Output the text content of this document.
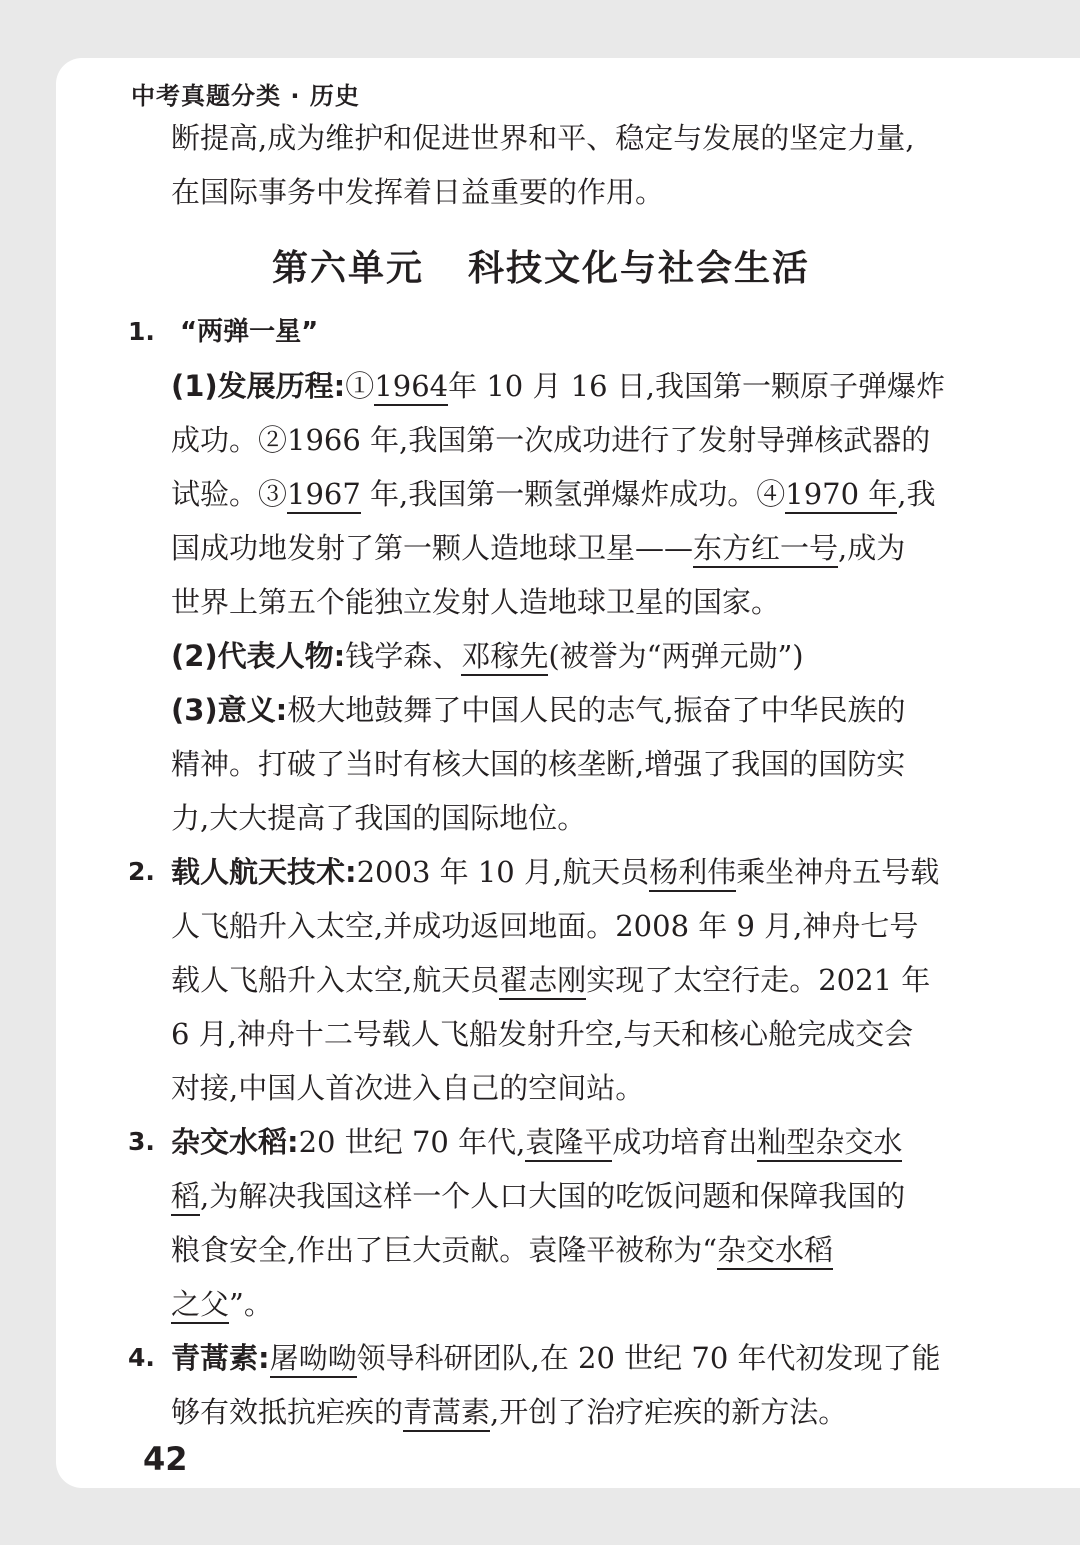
中考真题分类 · 历史
断提高,成为维护和促进世界和平、稳定与发展的坚定力量,
在国际事务中发挥着日益重要的作用。
第六单元 科技文化与社会生活
1. “两弹一星”
(1)发展历程:①1964年 10 月 16 日,我国第一颗原子弹爆炸
成功。②1966 年,我国第一次成功进行了发射导弹核武器的
试验。③1967 年,我国第一颗氢弹爆炸成功。④1970 年,我
国成功地发射了第一颗人造地球卫星——东方红一号,成为
世界上第五个能独立发射人造地球卫星的国家。
(2)代表人物:钱学森、邓稼先(被誉为“两弹元勋”)
(3)意义:极大地鼓舞了中国人民的志气,振奋了中华民族的
精神。打破了当时有核大国的核垄断,增强了我国的国防实
力,大大提高了我国的国际地位。
2. 载人航天技术:2003 年 10 月,航天员杨利伟乘坐神舟五号载
人飞船升入太空,并成功返回地面。2008 年 9 月,神舟七号
载人飞船升入太空,航天员翟志刚实现了太空行走。2021 年
6 月,神舟十二号载人飞船发射升空,与天和核心舱完成交会
对接,中国人首次进入自己的空间站。
3. 杂交水稻:20 世纪 70 年代,袁隆平成功培育出籼型杂交水
稻,为解决我国这样一个人口大国的吃饭问题和保障我国的
粮食安全,作出了巨大贡献。袁隆平被称为“杂交水稻
之父”。
4. 青蒿素:屠呦呦领导科研团队,在 20 世纪 70 年代初发现了能
够有效抵抗疟疾的青蒿素,开创了治疗疟疾的新方法。
42
